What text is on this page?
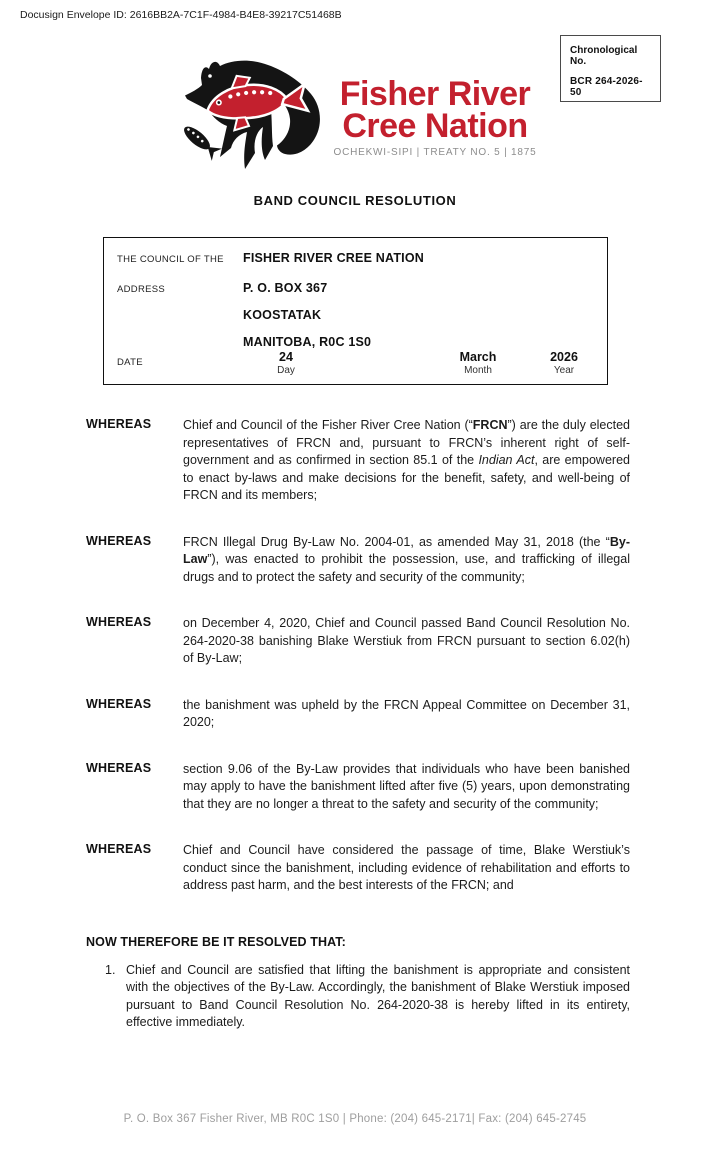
Docusign Envelope ID: 2616BB2A-7C1F-4984-B4E8-39217C51468B
Chronological No.
BCR 264-2026-50
Fisher River
Cree Nation
OCHEKWI-SIPI | TREATY NO. 5 | 1875
BAND COUNCIL RESOLUTION
THE COUNCIL OF THE FISHER RIVER CREE NATION
ADDRESS	P. O. BOX 367
KOOSTATAK
MANITOBA, R0C 1S0
DATE	24
Day
March
Month
2026
Year
WHEREAS	Chief and Council of the Fisher River Cree Nation (“FRCN”) are the duly elected representatives of FRCN and, pursuant to FRCN’s inherent right of self-government and as confirmed in section 85.1 of the Indian Act, are empowered to enact by-laws and make decisions for the benefit, safety, and well-being of FRCN and its members;
WHEREAS	FRCN Illegal Drug By-Law No. 2004-01, as amended May 31, 2018 (the “By-Law”), was enacted to prohibit the possession, use, and trafficking of illegal drugs and to protect the safety and security of the community;
WHEREAS	on December 4, 2020, Chief and Council passed Band Council Resolution No. 264-2020-38 banishing Blake Werstiuk from FRCN pursuant to section 6.02(h) of By-Law;
WHEREAS	the banishment was upheld by the FRCN Appeal Committee on December 31, 2020;
WHEREAS	section 9.06 of the By-Law provides that individuals who have been banished may apply to have the banishment lifted after five (5) years, upon demonstrating that they are no longer a threat to the safety and security of the community;
WHEREAS	Chief and Council have considered the passage of time, Blake Werstiuk’s conduct since the banishment, including evidence of rehabilitation and efforts to address past harm, and the best interests of the FRCN; and
NOW THEREFORE BE IT RESOLVED THAT:
1. Chief and Council are satisfied that lifting the banishment is appropriate and consistent with the objectives of the By-Law. Accordingly, the banishment of Blake Werstiuk imposed pursuant to Band Council Resolution No. 264-2020-38 is hereby lifted in its entirety, effective immediately.
P. O. Box 367 Fisher River, MB R0C 1S0 | Phone: (204) 645-2171| Fax: (204) 645-2745
